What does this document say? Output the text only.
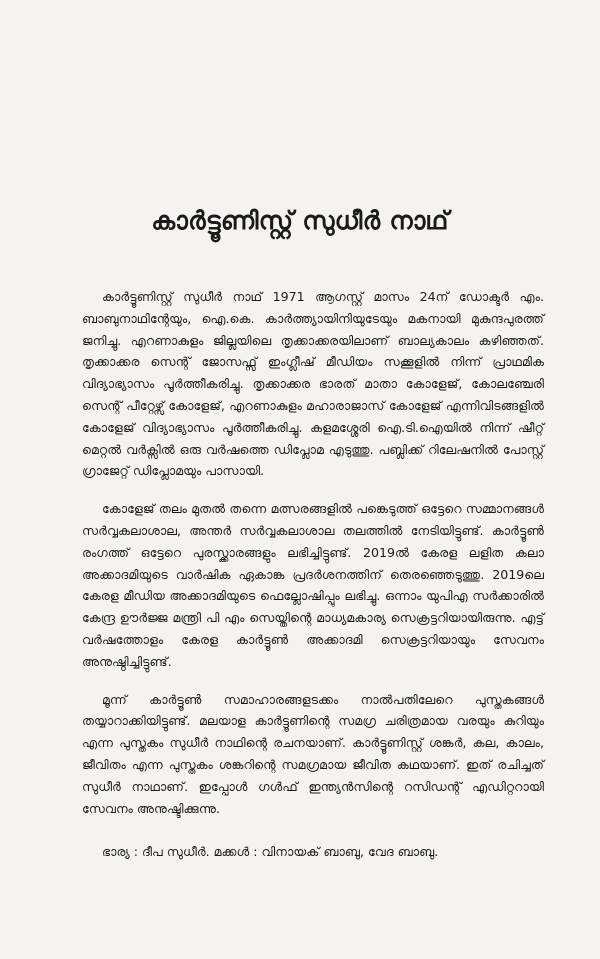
കാർട്ടൂണിസ്റ്റ് സുധീർ നാഥ്

കാർട്ടൂണിസ്റ്റ് സുധീർ നാഥ് 1971 ആഗസ്റ്റ് മാസം 24ന് ഡോക്ടർ എം. ബാബുനാഥിന്റേയും, ഐ.കെ. കാർത്ത്യായിനിയുടേയും മകനായി മുകുന്ദപുരത്ത് ജനിച്ചു. എറണാകുളം ജില്ലയിലെ തൃക്കാക്കരയിലാണ് ബാല്യകാലം കഴിഞ്ഞത്. തൃക്കാക്കര സെന്റ് ജോസഫ്സ് ഇംഗ്ലീഷ് മീഡിയം സക്കൂളിൽ നിന്ന് പ്രാഥമിക വിദ്യാഭ്യാസം പൂർത്തീകരിച്ചു. തൃക്കാക്കര ഭാരത് മാതാ കോളേജ്, കോലഞ്ചേരി സെന്റ് പീറ്റേഴ്സ് കോളേജ്, എറണാകുളം മഹാരാജാസ് കോളേജ് എന്നിവിടങ്ങളിൽ കോളേജ് വിദ്യാഭ്യാസം പൂർത്തീകരിച്ചു. കളമശ്ശേരി ഐ.ടി.ഐയിൽ നിന്ന് ഷീറ്റ് മെറ്റൽ വർക്സിൽ ഒരു വർഷത്തെ ഡിപ്ലോമ എടുത്തു. പബ്ലിക്ക് റിലേഷനിൽ പോസ്റ്റ് ഗ്രാജേറ്റ് ഡിപ്ലോമയും പാസായി.

കോളേജ് തലം മുതൽ തന്നെ മത്സരങ്ങളിൽ പങ്കെടുത്ത് ഒട്ടേറെ സമ്മാനങ്ങൾ സർവ്വകലാശാല, അന്തർ സർവ്വകലാശാല തലത്തിൽ നേടിയിട്ടുണ്ട്. കാർട്ടൂൺ രംഗത്ത് ഒട്ടേറെ പുരസ്ക്കാരങ്ങളും ലഭിച്ചിട്ടുണ്ട്. 2019ൽ കേരള ലളിത കലാ അക്കാദമിയുടെ വാർഷിക ഏകാങ്ക പ്രദർശനത്തിന് തെരഞ്ഞെടുത്തു. 2019ലെ കേരള മീഡിയ അക്കാദമിയുടെ ഫെല്ലോഷിപ്പും ലഭിച്ചു. ഒന്നാം യുപിഎ സർക്കാരിൽ കേന്ദ്ര ഊർജ്ജ മന്ത്രി പി എം സെയ്തിന്റെ മാധ്യമകാര്യ സെക്രട്ടറിയായിരുന്നു. എട്ട് വർഷത്തോളം കേരള കാർട്ടൂൺ അക്കാദമി സെക്രട്ടറിയായും സേവനം അനുഷ്ഠിച്ചിട്ടുണ്ട്.

മൂന്ന് കാർട്ടൂൺ സമാഹാരങ്ങളടക്കം നാൽപതിലേറെ പുസ്തകങ്ങൾ തയ്യാറാക്കിയിട്ടുണ്ട്. മലയാള കാർട്ടൂണിന്റെ സമഗ്ര ചരിത്രമായ വരയും കുറിയും എന്ന പുസ്തകം സുധീർ നാഥിന്റെ രചനയാണ്. കാർട്ടൂണിസ്റ്റ് ശങ്കർ, കല, കാലം, ജീവിതം എന്ന പുസ്തകം ശങ്കറിന്റെ സമഗ്രമായ ജീവിത കഥയാണ്. ഇത് രചിച്ചത് സുധീർ നാഥാണ്. ഇപ്പോൾ ഗൾഫ് ഇന്ത്യൻസിന്റെ റസിഡന്റ് എഡിറ്ററായി സേവനം അനുഷ്ടിക്കുന്നു.

ഭാര്യ : ദീപ സുധീർ. മക്കൾ : വിനായക് ബാബു, വേദ ബാബു.
